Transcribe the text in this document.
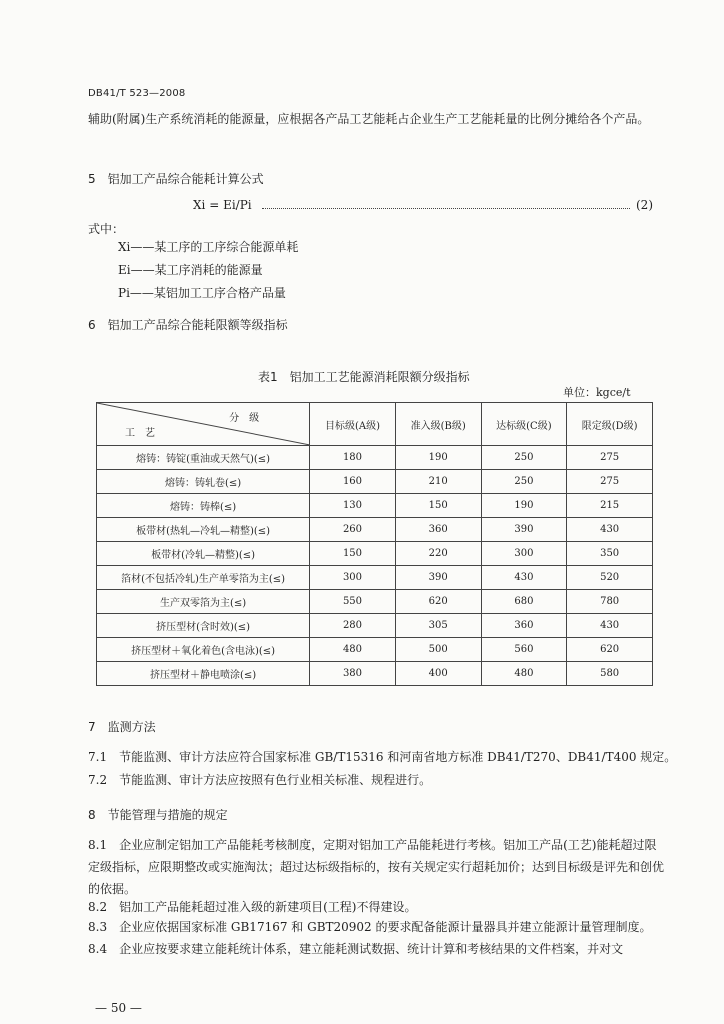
DB41/T 523—2008
辅助(附属)生产系统消耗的能源量，应根据各产品工艺能耗占企业生产工艺能耗量的比例分摊给各个产品。
5　铝加工产品综合能耗计算公式
Xi = Ei/Pi	(2)
式中：
Xi——某工序的工序综合能源单耗
Ei——某工序消耗的能源量
Pi——某铝加工工序合格产品量
6　铝加工产品综合能耗限额等级指标
表1　铝加工工艺能源消耗限额分级指标
单位：kgce/t
分　级
工　艺	目标级(A级)	准入级(B级)	达标级(C级)	限定级(D级)
熔铸：铸锭(重油或天然气)(≤)	180	190	250	275
熔铸：铸轧卷(≤)	160	210	250	275
熔铸：铸棒(≤)	130	150	190	215
板带材(热轧—冷轧—精整)(≤)	260	360	390	430
板带材(冷轧—精整)(≤)	150	220	300	350
箔材(不包括冷轧)生产单零箔为主(≤)	300	390	430	520
生产双零箔为主(≤)	550	620	680	780
挤压型材(含时效)(≤)	280	305	360	430
挤压型材＋氧化着色(含电泳)(≤)	480	500	560	620
挤压型材＋静电喷涂(≤)	380	400	480	580
7　监测方法
7.1　节能监测、审计方法应符合国家标准 GB/T15316 和河南省地方标准 DB41/T270、DB41/T400 规定。
7.2　节能监测、审计方法应按照有色行业相关标准、规程进行。
8　节能管理与措施的规定
8.1　企业应制定铝加工产品能耗考核制度，定期对铝加工产品能耗进行考核。铝加工产品(工艺)能耗超过限定级指标，应限期整改或实施淘汰；超过达标级指标的，按有关规定实行超耗加价；达到目标级是评先和创优的依据。
8.2　铝加工产品能耗超过准入级的新建项目(工程)不得建设。
8.3　企业应依据国家标准 GB17167 和 GBT20902 的要求配备能源计量器具并建立能源计量管理制度。
8.4　企业应按要求建立能耗统计体系，建立能耗测试数据、统计计算和考核结果的文件档案，并对文
— 50 —
